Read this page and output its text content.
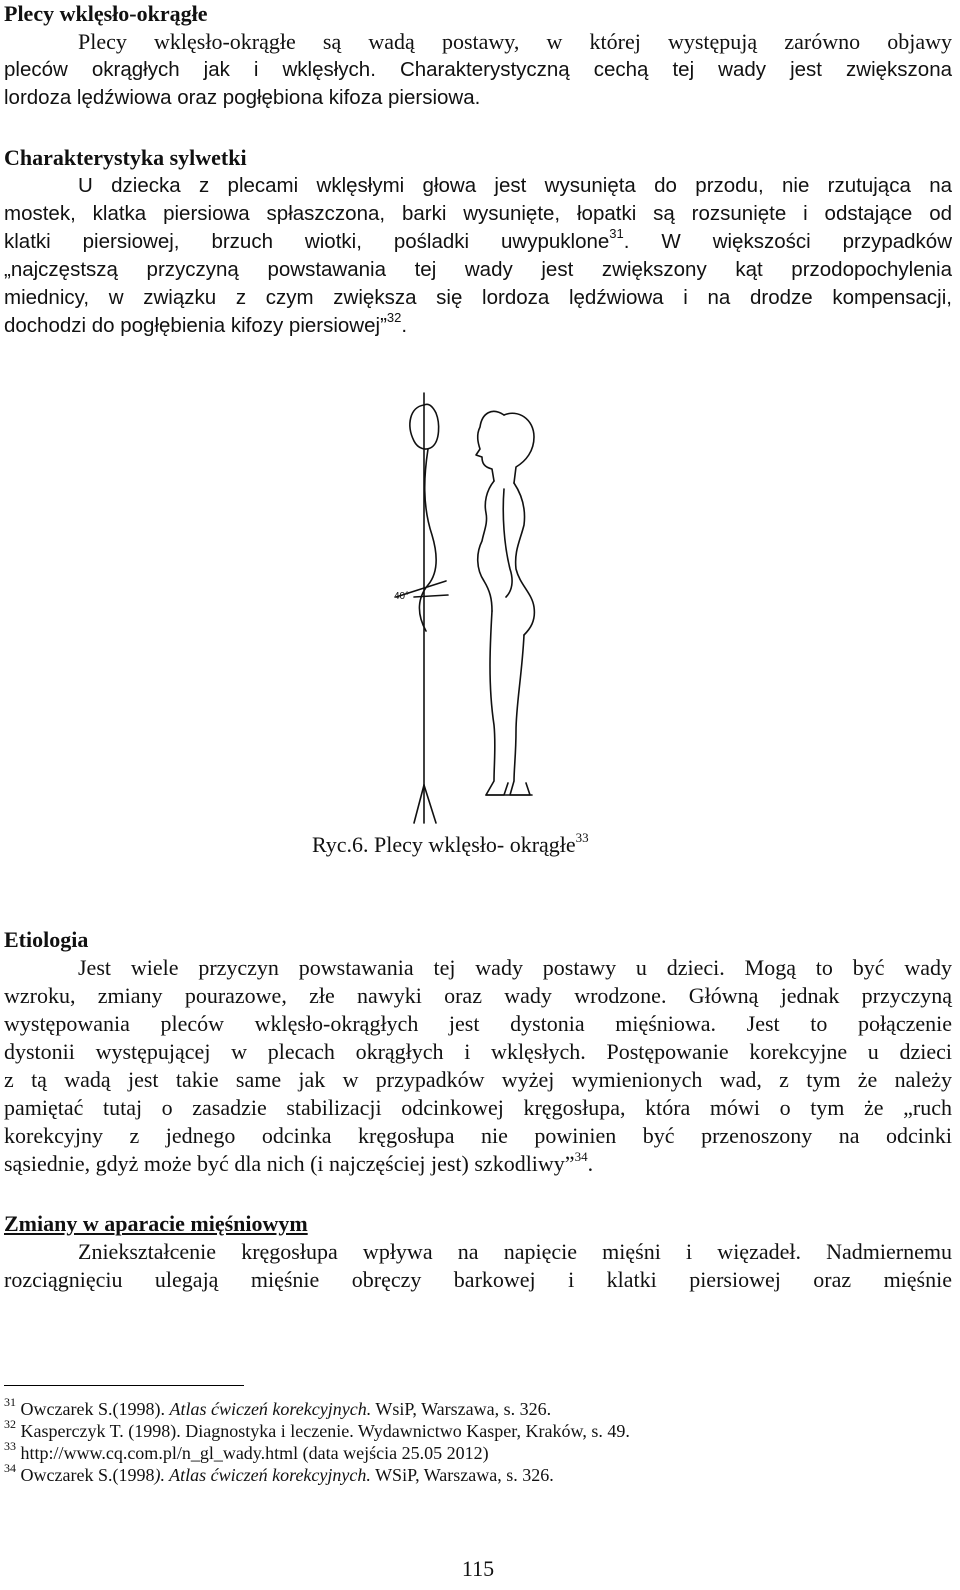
Plecy wklęsło-okrągłe
Plecy wklęsło-okrągłe są wadą postawy, w której występują zarówno objawy
pleców okrągłych jak i wklęsłych. Charakterystyczną cechą tej wady jest zwiększona
lordoza lędźwiowa oraz pogłębiona kifoza piersiowa.
Charakterystyka sylwetki
U dziecka z plecami wklęsłymi głowa jest wysunięta do przodu, nie rzutująca na
mostek, klatka piersiowa spłaszczona, barki wysunięte, łopatki są rozsunięte i odstające od
klatki piersiowej, brzuch wiotki, pośladki uwypuklone$^{31}$. W większości przypadków
„najczęstszą przyczyną powstawania tej wady jest zwiększony kąt przodopochylenia
miednicy, w związku z czym zwiększa się lordoza lędźwiowa i na drodze kompensacji,
dochodzi do pogłębienia kifozy piersiowej”$^{32}$.
40°
Ryc.6. Plecy wklęsło- okrągłe$^{33}$
Etiologia
Jest wiele przyczyn powstawania tej wady postawy u dzieci. Mogą to być wady
wzroku, zmiany pourazowe, złe nawyki oraz wady wrodzone. Główną jednak przyczyną
występowania pleców wklęsło-okrągłych jest dystonia mięśniowa. Jest to połączenie
dystonii występującej w plecach okrągłych i wklęsłych. Postępowanie korekcyjne u dzieci
z tą wadą jest takie same jak w przypadków wyżej wymienionych wad, z tym że należy
pamiętać tutaj o zasadzie stabilizacji odcinkowej kręgosłupa, która mówi o tym że „ruch
korekcyjny z jednego odcinka kręgosłupa nie powinien być przenoszony na odcinki
sąsiednie, gdyż może być dla nich (i najczęściej jest) szkodliwy”$^{34}$.
Zmiany w aparacie mięśniowym
Zniekształcenie kręgosłupa wpływa na napięcie mięśni i więzadeł. Nadmiernemu
rozciągnięciu ulegają mięśnie obręczy barkowej i klatki piersiowej oraz mięśnie
$^{31}$ Owczarek S.(1998). Atlas ćwiczeń korekcyjnych. WsiP, Warszawa, s. 326.
$^{32}$ Kasperczyk T. (1998). Diagnostyka i leczenie. Wydawnictwo Kasper, Kraków, s. 49.
$^{33}$ http://www.cq.com.pl/n_gl_wady.html (data wejścia 25.05 2012)
$^{34}$ Owczarek S.(1998). Atlas ćwiczeń korekcyjnych. WSiP, Warszawa, s. 326.
115
